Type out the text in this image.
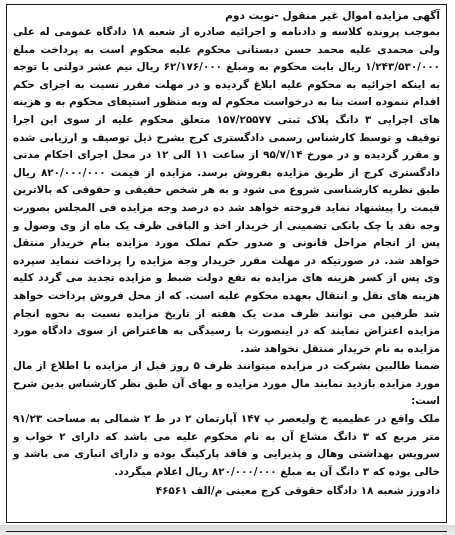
آگهی مزایده اموال غیر منقول -نوبت دوم

بموجب پرونده کلاسه و دادنامه و اجرائیه صادره از شعبه ۱۸ دادگاه عمومی له علی ولی محمدی علیه محمد حسن دبستانی محکوم علیه محکوم است به پرداخت مبلغ ۱/۲۴۳/۵۳۰/۰۰۰ ریال بابت محکوم به ومبلغ ۶۲/۱۷۶/۰۰۰ ریال نیم عشر دولتی با توجه به اینکه اجرائیه به محکوم علیه ابلاغ گردیده و در مهلت مقرر نسبت به اجرای حکم اقدام ننموده است بنا به درخواست محکوم له وبه منظور استیفای محکوم به و هزینه های اجرایی ۳ دانگ پلاک ثبتی ۱۵۷/۲۵۵۷۷ متعلق محکوم علیه از سوی این اجرا توقیف و توسط کارشناس رسمی دادگستری کرج بشرح ذیل توصیف و ارزیابی شده و مقرر گردیده و در مورخ ۹۵/۷/۱۴ از ساعت ۱۱ الی ۱۲ در محل اجرای احکام مدنی دادگستری کرج از طریق مزایده بفروش برسد. مزایده از قیمت ۸۲۰/۰۰۰/۰۰۰ ریال طبق نظریه کارشناسی شروع می شود و به هر شخص حقیقی و حقوقی که بالاترین قیمت را پیشنهاد نماید فروخته خواهد شد ده درصد وجه مزایده فی المجلس بصورت وجه نقد یا چک بانکی تضمینی از خریدار اخذ و الباقی ظرف یک ماه از وی وصول و پس از انجام مراحل قانونی و صدور حکم تملک مورد مزایده بنام خریدار منتقل خواهد شد. در صورتیکه در مهلت مقرر خریدار وجه مزایده را پرداخت ننماید سپرده وی پس از کسر هزینه های مزایده به نفع دولت ضبط و مزایده تجدید می گردد کلیه هزینه های نقل و انتقال بعهده محکوم علیه است. که از محل فروش پرداخت خواهد شد طرفین می توانند ظرف مدت یک هفته از تاریخ مزایده نسبت به نحوه انجام مزایده اعتراض نمایند که در اینصورت با رسیدگی به هاعتراض از سوی دادگاه مورد مزایده به نام خریدار منتقل نخواهد شد.

ضمنا طالبین بشرکت در مزایده میتوانند ظرف ۵ روز قبل از مزایده با اطلاع از مال مورد مزایده بازدید نمایند مال مورد مزایده و بهای آن طبق نظر کارشناس بدین شرح است:

ملک واقع در عظیمیه خ ولیعصر پ ۱۴۷ آپارتمان ۲ در ط ۲ شمالی به مساحت ۹۱/۲۳ متر مربع که ۳ دانگ مشاع آن به نام محکوم علیه می باشد که دارای ۲ خواب و سرویس بهداشتی وهال و پذیرایی و فاقد پارکینگ بوده و دارای انباری می باشد و خالی بوده که ۳ دانگ آن به مبلغ ۸۲۰/۰۰۰/۰۰۰ ریال اعلام میگردد.

دادورز شعبه ۱۸ دادگاه حقوقی کرج معینی م/الف ۴۶۵۶۱
